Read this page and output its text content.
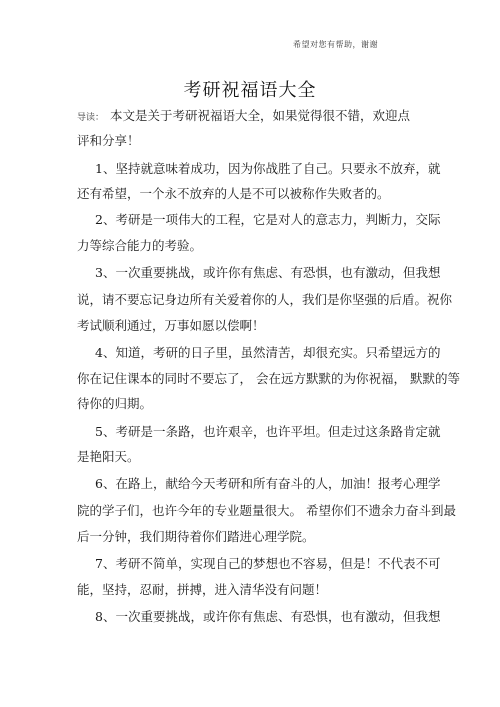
希望对您有帮助，谢谢
考研祝福语大全
导读： 本文是关于考研祝福语大全，如果觉得很不错，欢迎点
评和分享！
1、坚持就意味着成功，因为你战胜了自己。只要永不放弃，就
还有希望，一个永不放弃的人是不可以被称作失败者的。
2、考研是一项伟大的工程，它是对人的意志力，判断力，交际
力等综合能力的考验。
3、一次重要挑战，或许你有焦虑、有恐惧，也有激动，但我想
说，请不要忘记身边所有关爱着你的人，我们是你坚强的后盾。祝你
考试顺利通过，万事如愿以偿啊！
4、知道，考研的日子里，虽然清苦，却很充实。只希望远方的
你在记住课本的同时不要忘了， 会在远方默默的为你祝福， 默默的等
待你的归期。
5、考研是一条路，也许艰辛，也许平坦。但走过这条路肯定就
是艳阳天。
6、在路上，献给今天考研和所有奋斗的人，加油！报考心理学
院的学子们，也许今年的专业题量很大。 希望你们不遗余力奋斗到最
后一分钟，我们期待着你们踏进心理学院。
7、考研不简单，实现自己的梦想也不容易，但是！不代表不可
能，坚持，忍耐，拼搏，进入清华没有问题！
8、一次重要挑战，或许你有焦虑、有恐惧，也有激动，但我想
